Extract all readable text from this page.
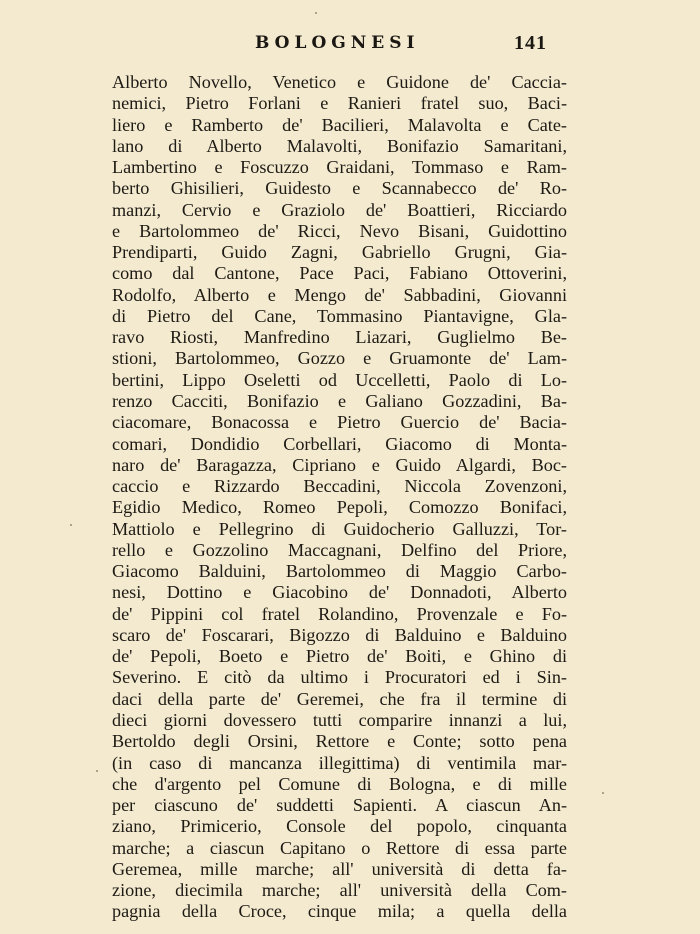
BOLOGNESI	141
Alberto Novello, Venetico e Guidone de' Caccia-
nemici, Pietro Forlani e Ranieri fratel suo, Baci-
liero e Ramberto de' Bacilieri, Malavolta e Cate-
lano di Alberto Malavolti, Bonifazio Samaritani,
Lambertino e Foscuzzo Graidani, Tommaso e Ram-
berto Ghisilieri, Guidesto e Scannabecco de' Ro-
manzi, Cervio e Graziolo de' Boattieri, Ricciardo
e Bartolommeo de' Ricci, Nevo Bisani, Guidottino
Prendiparti, Guido Zagni, Gabriello Grugni, Gia-
como dal Cantone, Pace Paci, Fabiano Ottoverini,
Rodolfo, Alberto e Mengo de' Sabbadini, Giovanni
di Pietro del Cane, Tommasino Piantavigne, Gla-
ravo Riosti, Manfredino Liazari, Guglielmo Be-
stioni, Bartolommeo, Gozzo e Gruamonte de' Lam-
bertini, Lippo Oseletti od Uccelletti, Paolo di Lo-
renzo Cacciti, Bonifazio e Galiano Gozzadini, Ba-
ciacomare, Bonacossa e Pietro Guercio de' Bacia-
comari, Dondidio Corbellari, Giacomo di Monta-
naro de' Baragazza, Cipriano e Guido Algardi, Boc-
caccio e Rizzardo Beccadini, Niccola Zovenzoni,
Egidio Medico, Romeo Pepoli, Comozzo Bonifaci,
Mattiolo e Pellegrino di Guidocherio Galluzzi, Tor-
rello e Gozzolino Maccagnani, Delfino del Priore,
Giacomo Balduini, Bartolommeo di Maggio Carbo-
nesi, Dottino e Giacobino de' Donnadoti, Alberto
de' Pippini col fratel Rolandino, Provenzale e Fo-
scaro de' Foscarari, Bigozzo di Balduino e Balduino
de' Pepoli, Boeto e Pietro de' Boiti, e Ghino di
Severino. E citò da ultimo i Procuratori ed i Sin-
daci della parte de' Geremei, che fra il termine di
dieci giorni dovessero tutti comparire innanzi a lui,
Bertoldo degli Orsini, Rettore e Conte; sotto pena
(in caso di mancanza illegittima) di ventimila mar-
che d'argento pel Comune di Bologna, e di mille
per ciascuno de' suddetti Sapienti. A ciascun An-
ziano, Primicerio, Console del popolo, cinquanta
marche; a ciascun Capitano o Rettore di essa parte
Geremea, mille marche; all' università di detta fa-
zione, diecimila marche; all' università della Com-
pagnia della Croce, cinque mila; a quella della
